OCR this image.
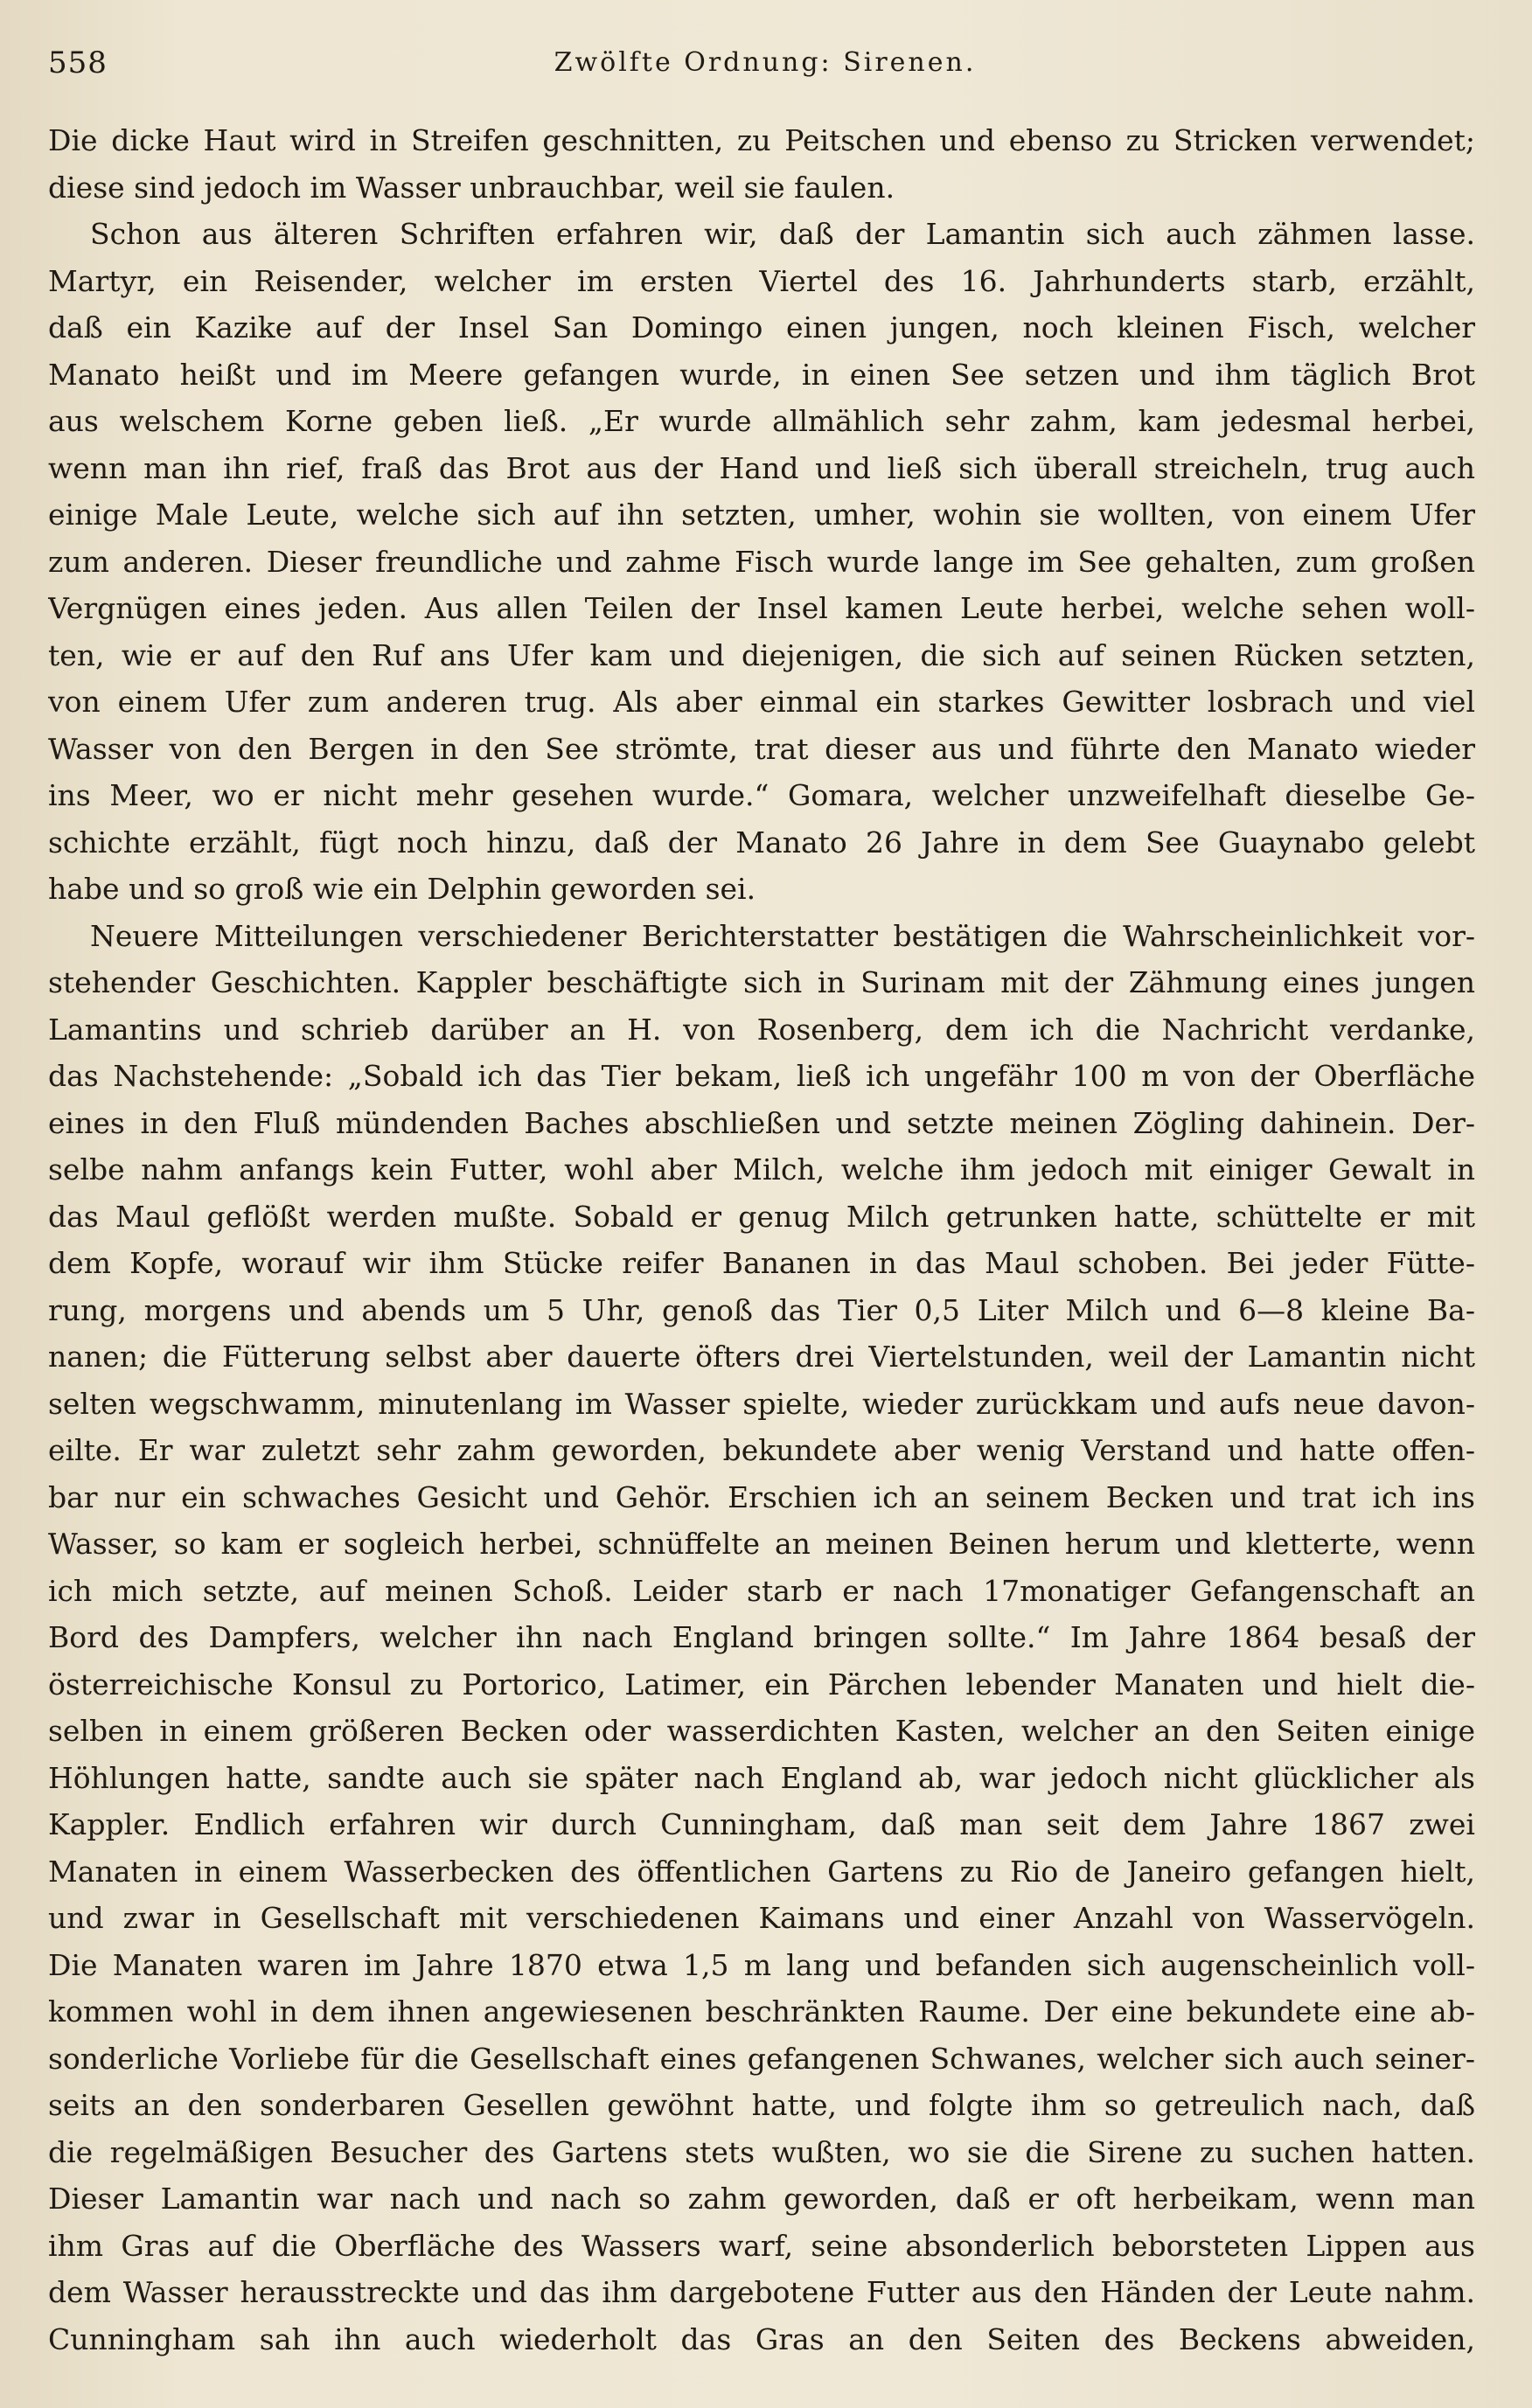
558	Zwölfte Ordnung: Sirenen.
Die dicke Haut wird in Streifen geschnitten, zu Peitschen und ebenso zu Stricken verwendet;
diese sind jedoch im Wasser unbrauchbar, weil sie faulen.
Schon aus älteren Schriften erfahren wir, daß der Lamantin sich auch zähmen lasse.
Martyr, ein Reisender, welcher im ersten Viertel des 16. Jahrhunderts starb, erzählt,
daß ein Kazike auf der Insel San Domingo einen jungen, noch kleinen Fisch, welcher
Manato heißt und im Meere gefangen wurde, in einen See setzen und ihm täglich Brot
aus welschem Korne geben ließ. „Er wurde allmählich sehr zahm, kam jedesmal herbei,
wenn man ihn rief, fraß das Brot aus der Hand und ließ sich überall streicheln, trug auch
einige Male Leute, welche sich auf ihn setzten, umher, wohin sie wollten, von einem Ufer
zum anderen. Dieser freundliche und zahme Fisch wurde lange im See gehalten, zum großen
Vergnügen eines jeden. Aus allen Teilen der Insel kamen Leute herbei, welche sehen woll-
ten, wie er auf den Ruf ans Ufer kam und diejenigen, die sich auf seinen Rücken setzten,
von einem Ufer zum anderen trug. Als aber einmal ein starkes Gewitter losbrach und viel
Wasser von den Bergen in den See strömte, trat dieser aus und führte den Manato wieder
ins Meer, wo er nicht mehr gesehen wurde.“ Gomara, welcher unzweifelhaft dieselbe Ge-
schichte erzählt, fügt noch hinzu, daß der Manato 26 Jahre in dem See Guaynabo gelebt
habe und so groß wie ein Delphin geworden sei.
Neuere Mitteilungen verschiedener Berichterstatter bestätigen die Wahrscheinlichkeit vor-
stehender Geschichten. Kappler beschäftigte sich in Surinam mit der Zähmung eines jungen
Lamantins und schrieb darüber an H. von Rosenberg, dem ich die Nachricht verdanke,
das Nachstehende: „Sobald ich das Tier bekam, ließ ich ungefähr 100 m von der Oberfläche
eines in den Fluß mündenden Baches abschließen und setzte meinen Zögling dahinein. Der-
selbe nahm anfangs kein Futter, wohl aber Milch, welche ihm jedoch mit einiger Gewalt in
das Maul geflößt werden mußte. Sobald er genug Milch getrunken hatte, schüttelte er mit
dem Kopfe, worauf wir ihm Stücke reifer Bananen in das Maul schoben. Bei jeder Fütte-
rung, morgens und abends um 5 Uhr, genoß das Tier 0,5 Liter Milch und 6—8 kleine Ba-
nanen; die Fütterung selbst aber dauerte öfters drei Viertelstunden, weil der Lamantin nicht
selten wegschwamm, minutenlang im Wasser spielte, wieder zurückkam und aufs neue davon-
eilte. Er war zuletzt sehr zahm geworden, bekundete aber wenig Verstand und hatte offen-
bar nur ein schwaches Gesicht und Gehör. Erschien ich an seinem Becken und trat ich ins
Wasser, so kam er sogleich herbei, schnüffelte an meinen Beinen herum und kletterte, wenn
ich mich setzte, auf meinen Schoß. Leider starb er nach 17monatiger Gefangenschaft an
Bord des Dampfers, welcher ihn nach England bringen sollte.“ Im Jahre 1864 besaß der
österreichische Konsul zu Portorico, Latimer, ein Pärchen lebender Manaten und hielt die-
selben in einem größeren Becken oder wasserdichten Kasten, welcher an den Seiten einige
Höhlungen hatte, sandte auch sie später nach England ab, war jedoch nicht glücklicher als
Kappler. Endlich erfahren wir durch Cunningham, daß man seit dem Jahre 1867 zwei
Manaten in einem Wasserbecken des öffentlichen Gartens zu Rio de Janeiro gefangen hielt,
und zwar in Gesellschaft mit verschiedenen Kaimans und einer Anzahl von Wasservögeln.
Die Manaten waren im Jahre 1870 etwa 1,5 m lang und befanden sich augenscheinlich voll-
kommen wohl in dem ihnen angewiesenen beschränkten Raume. Der eine bekundete eine ab-
sonderliche Vorliebe für die Gesellschaft eines gefangenen Schwanes, welcher sich auch seiner-
seits an den sonderbaren Gesellen gewöhnt hatte, und folgte ihm so getreulich nach, daß
die regelmäßigen Besucher des Gartens stets wußten, wo sie die Sirene zu suchen hatten.
Dieser Lamantin war nach und nach so zahm geworden, daß er oft herbeikam, wenn man
ihm Gras auf die Oberfläche des Wassers warf, seine absonderlich beborsteten Lippen aus
dem Wasser herausstreckte und das ihm dargebotene Futter aus den Händen der Leute nahm.
Cunningham sah ihn auch wiederholt das Gras an den Seiten des Beckens abweiden,
